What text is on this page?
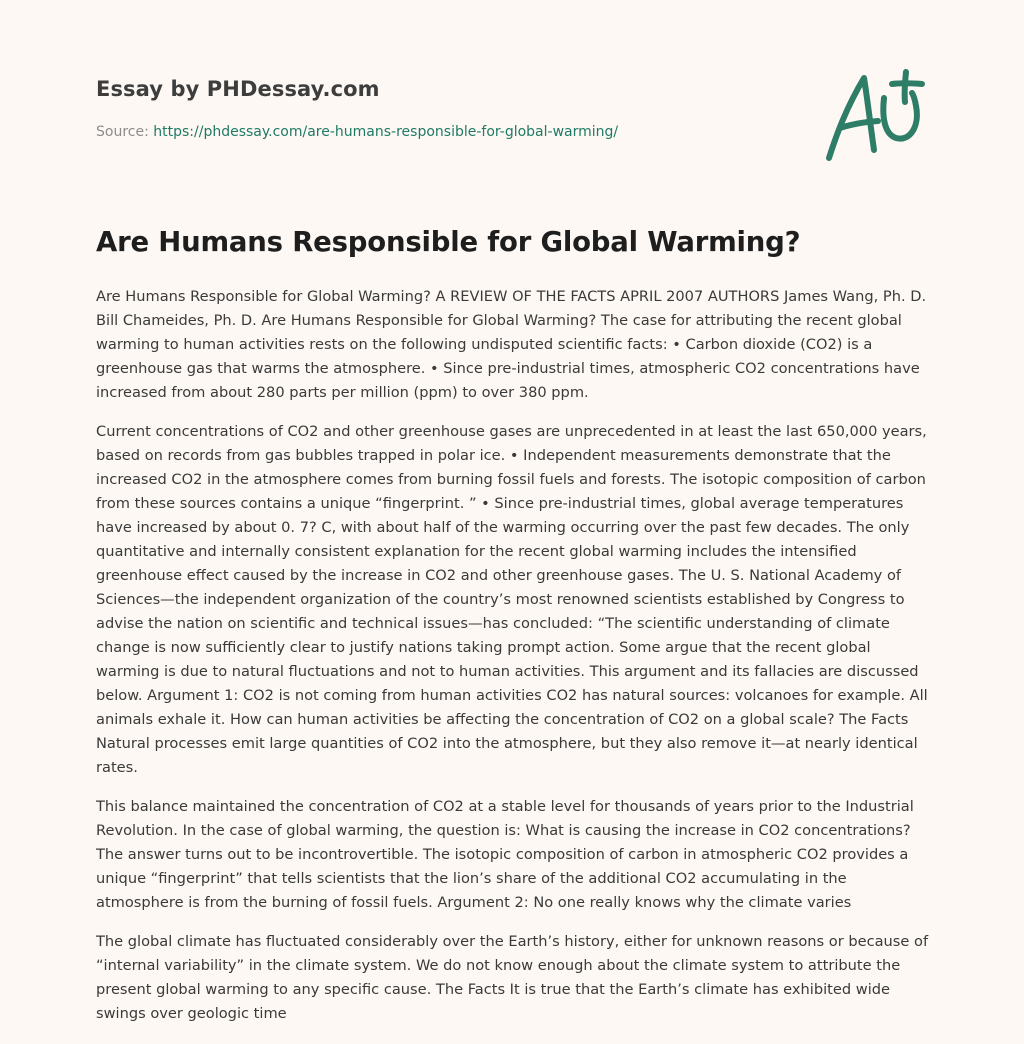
Essay by PHDessay.com
Source: https://phdessay.com/are-humans-responsible-for-global-warming/
Are Humans Responsible for Global Warming?

Are Humans Responsible for Global Warming? A REVIEW OF THE FACTS APRIL 2007 AUTHORS James Wang, Ph. D. Bill Chameides, Ph. D. Are Humans Responsible for Global Warming? The case for attributing the recent global warming to human activities rests on the following undisputed scientific facts: • Carbon dioxide (CO2) is a greenhouse gas that warms the atmosphere. • Since pre-industrial times, atmospheric CO2 concentrations have increased from about 280 parts per million (ppm) to over 380 ppm.

Current concentrations of CO2 and other greenhouse gases are unprecedented in at least the last 650,000 years, based on records from gas bubbles trapped in polar ice. • Independent measurements demonstrate that the increased CO2 in the atmosphere comes from burning fossil fuels and forests. The isotopic composition of carbon from these sources contains a unique “fingerprint. ” • Since pre-industrial times, global average temperatures have increased by about 0. 7? C, with about half of the warming occurring over the past few decades. The only quantitative and internally consistent explanation for the recent global warming includes the intensified greenhouse effect caused by the increase in CO2 and other greenhouse gases. The U. S. National Academy of Sciences—the independent organization of the country’s most renowned scientists established by Congress to advise the nation on scientific and technical issues—has concluded: “The scientific understanding of climate change is now sufficiently clear to justify nations taking prompt action. Some argue that the recent global warming is due to natural fluctuations and not to human activities. This argument and its fallacies are discussed below. Argument 1: CO2 is not coming from human activities CO2 has natural sources: volcanoes for example. All animals exhale it. How can human activities be affecting the concentration of CO2 on a global scale? The Facts Natural processes emit large quantities of CO2 into the atmosphere, but they also remove it—at nearly identical rates.

This balance maintained the concentration of CO2 at a stable level for thousands of years prior to the Industrial Revolution. In the case of global warming, the question is: What is causing the increase in CO2 concentrations? The answer turns out to be incontrovertible. The isotopic composition of carbon in atmospheric CO2 provides a unique “fingerprint” that tells scientists that the lion’s share of the additional CO2 accumulating in the atmosphere is from the burning of fossil fuels. Argument 2: No one really knows why the climate varies

The global climate has fluctuated considerably over the Earth’s history, either for unknown reasons or because of “internal variability” in the climate system. We do not know enough about the climate system to attribute the present global warming to any specific cause. The Facts It is true that the Earth’s climate has exhibited wide swings over geologic time
